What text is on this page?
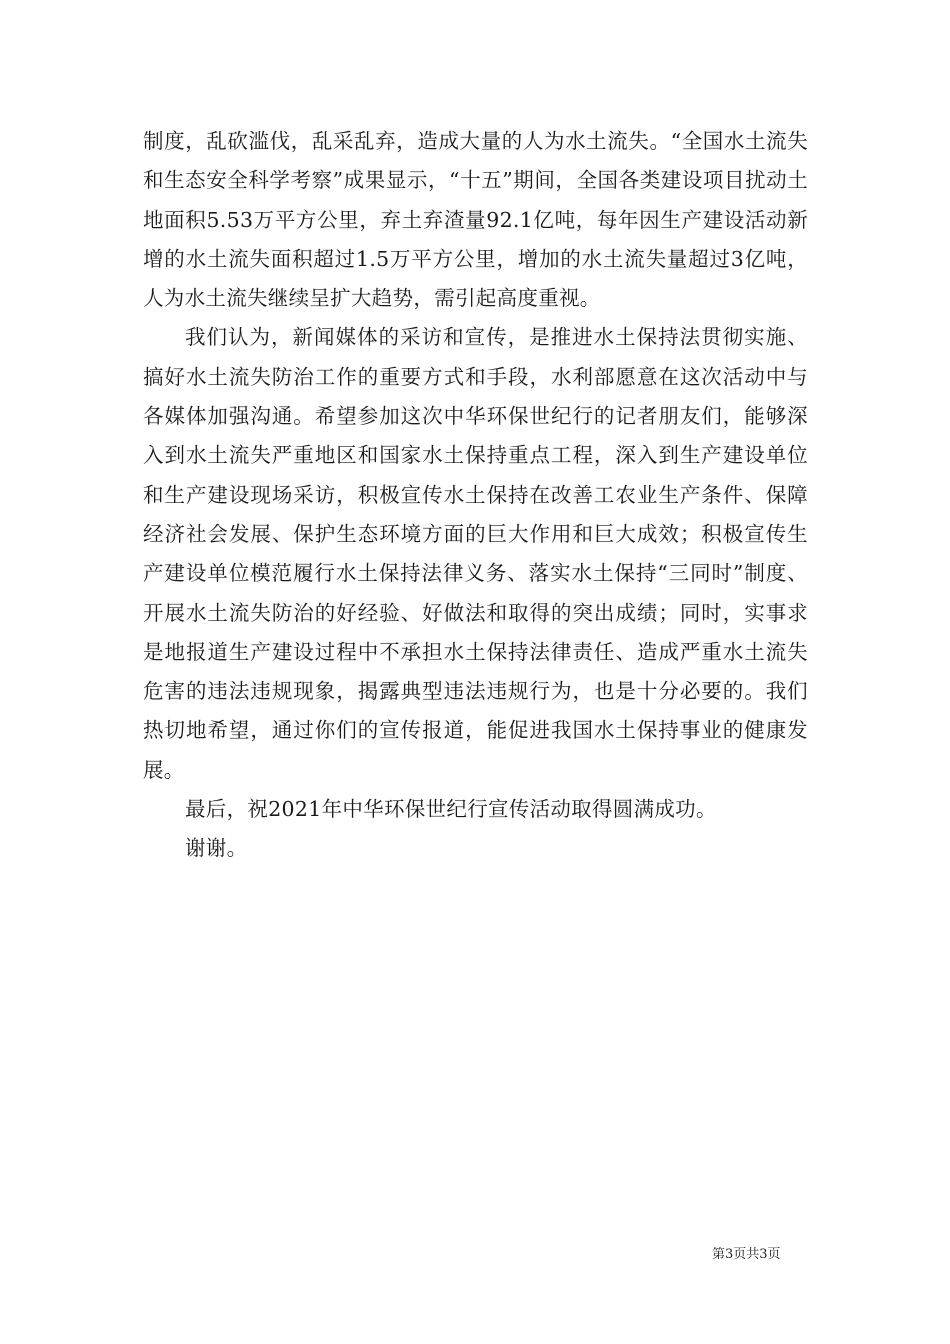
制度，乱砍滥伐，乱采乱弃，造成大量的人为水土流失。“全国水土流失和生态安全科学考察”成果显示，“十五”期间，全国各类建设项目扰动土地面积5.53万平方公里，弃土弃渣量92.1亿吨，每年因生产建设活动新增的水土流失面积超过1.5万平方公里，增加的水土流失量超过3亿吨，人为水土流失继续呈扩大趋势，需引起高度重视。

我们认为，新闻媒体的采访和宣传，是推进水土保持法贯彻实施、搞好水土流失防治工作的重要方式和手段，水利部愿意在这次活动中与各媒体加强沟通。希望参加这次中华环保世纪行的记者朋友们，能够深入到水土流失严重地区和国家水土保持重点工程，深入到生产建设单位和生产建设现场采访，积极宣传水土保持在改善工农业生产条件、保障经济社会发展、保护生态环境方面的巨大作用和巨大成效；积极宣传生产建设单位模范履行水土保持法律义务、落实水土保持“三同时”制度、开展水土流失防治的好经验、好做法和取得的突出成绩；同时，实事求是地报道生产建设过程中不承担水土保持法律责任、造成严重水土流失危害的违法违规现象，揭露典型违法违规行为，也是十分必要的。我们热切地希望，通过你们的宣传报道，能促进我国水土保持事业的健康发展。

最后，祝2021年中华环保世纪行宣传活动取得圆满成功。

谢谢。

第3页共3页
